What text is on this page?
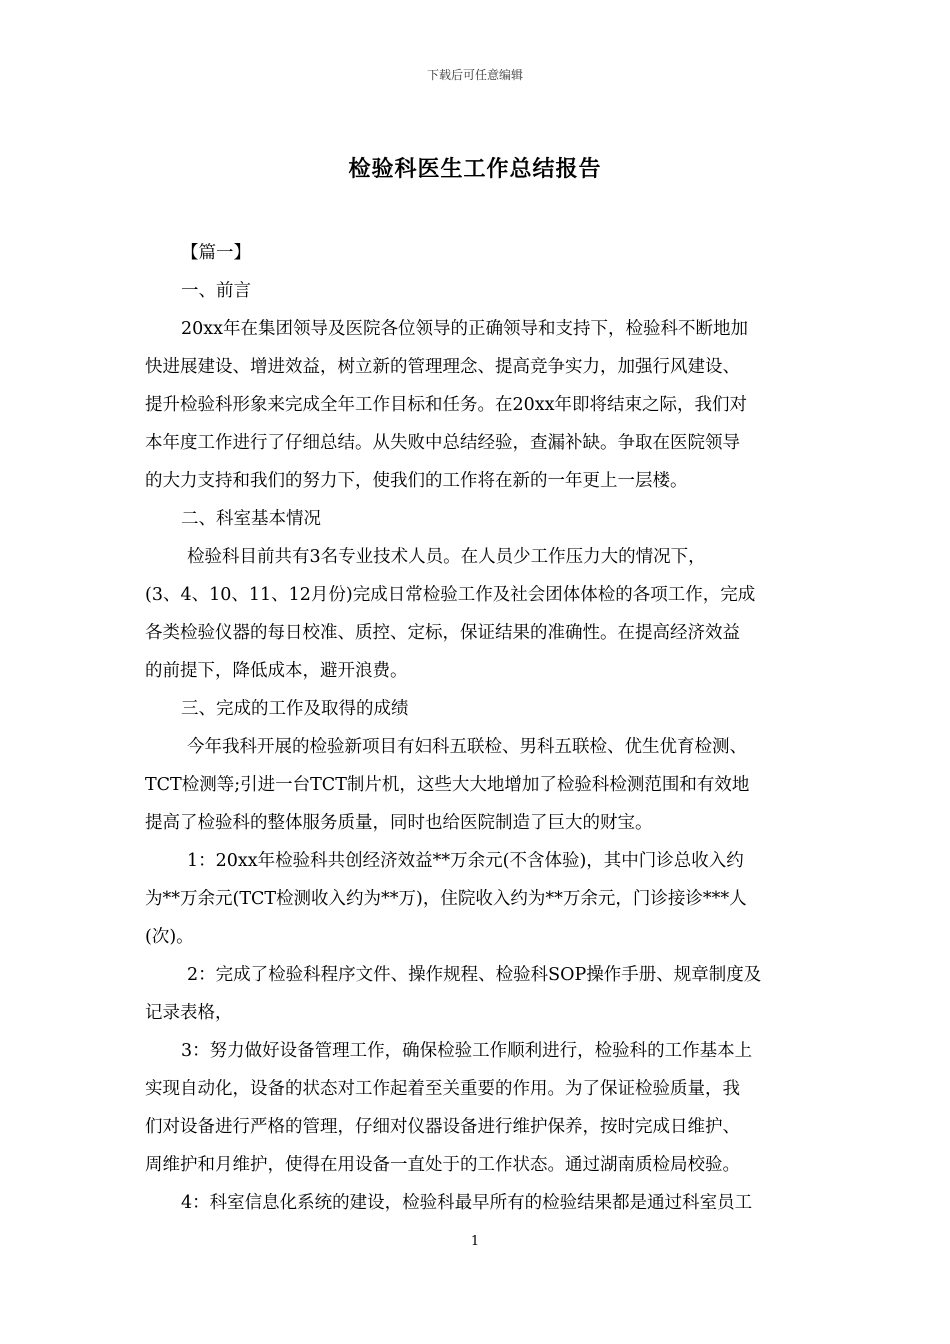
下载后可任意编辑
检验科医生工作总结报告
【篇一】
一、前言
20xx年在集团领导及医院各位领导的正确领导和支持下，检验科不断地加
快进展建设、增进效益，树立新的管理理念、提高竞争实力，加强行风建设、
提升检验科形象来完成全年工作目标和任务。在20xx年即将结束之际，我们对
本年度工作进行了仔细总结。从失败中总结经验，查漏补缺。争取在医院领导
的大力支持和我们的努力下，使我们的工作将在新的一年更上一层楼。
二、科室基本情况
检验科目前共有3名专业技术人员。在人员少工作压力大的情况下，
(3、4、10、11、12月份)完成日常检验工作及社会团体体检的各项工作，完成
各类检验仪器的每日校准、质控、定标，保证结果的准确性。在提高经济效益
的前提下，降低成本，避开浪费。
三、完成的工作及取得的成绩
今年我科开展的检验新项目有妇科五联检、男科五联检、优生优育检测、
TCT检测等;引进一台TCT制片机，这些大大地增加了检验科检测范围和有效地
提高了检验科的整体服务质量，同时也给医院制造了巨大的财宝。
1：20xx年检验科共创经济效益**万余元(不含体验)，其中门诊总收入约
为**万余元(TCT检测收入约为**万)，住院收入约为**万余元，门诊接诊***人
(次)。
2：完成了检验科程序文件、操作规程、检验科SOP操作手册、规章制度及
记录表格，
3：努力做好设备管理工作，确保检验工作顺利进行，检验科的工作基本上
实现自动化，设备的状态对工作起着至关重要的作用。为了保证检验质量，我
们对设备进行严格的管理，仔细对仪器设备进行维护保养，按时完成日维护、
周维护和月维护，使得在用设备一直处于的工作状态。通过湖南质检局校验。
4：科室信息化系统的建设，检验科最早所有的检验结果都是通过科室员工
1
